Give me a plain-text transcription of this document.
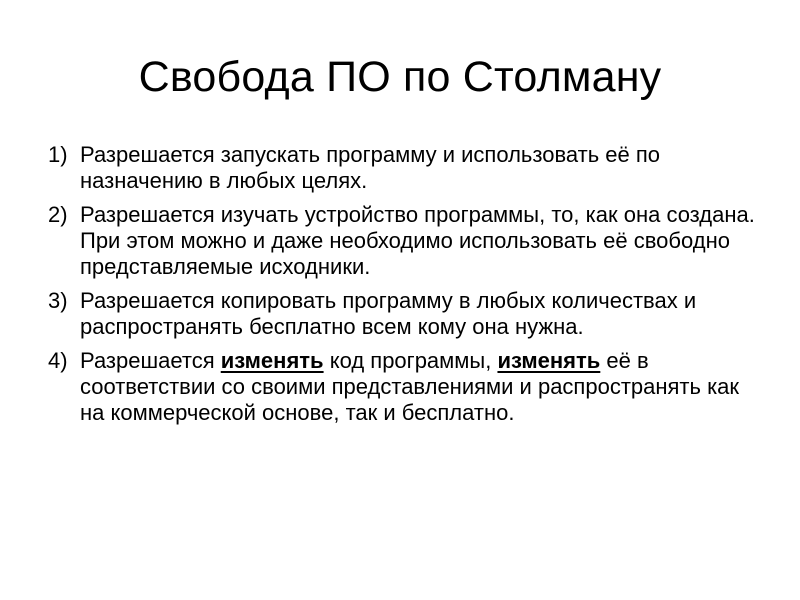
Свобода ПО по Столману
1) Разрешается запускать программу и использовать её по назначению в любых целях.
2) Разрешается изучать устройство программы, то, как она создана. При этом можно и даже необходимо использовать её свободно представляемые исходники.
3) Разрешается копировать программу в любых количествах и распространять бесплатно всем кому она нужна.
4) Разрешается изменять код программы, изменять её в соответствии со своими представлениями и распространять как на коммерческой основе, так и бесплатно.
